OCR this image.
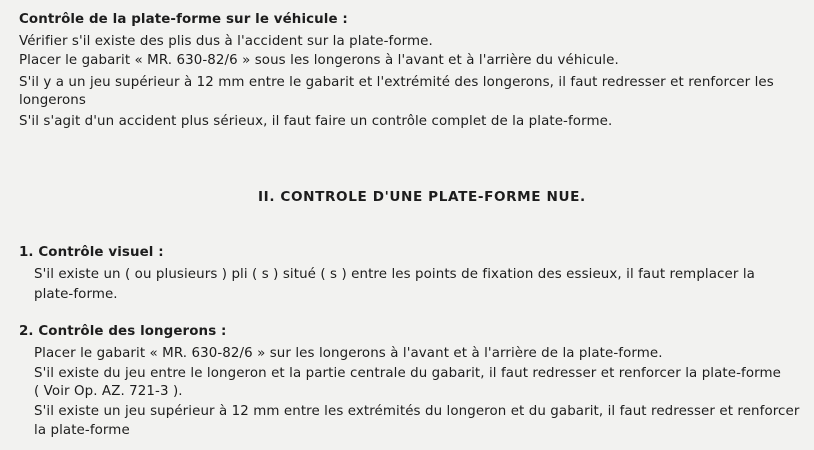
Contrôle de la plate-forme sur le véhicule :
Vérifier s'il existe des plis dus à l'accident sur la plate-forme.
Placer le gabarit « MR. 630-82/6 » sous les longerons à l'avant et à l'arrière du véhicule.
S'il y a un jeu supérieur à 12 mm entre le gabarit et l'extrémité des longerons, il faut redresser et renforcer les
longerons
S'il s'agit d'un accident plus sérieux, il faut faire un contrôle complet de la plate-forme.
II. CONTROLE D'UNE PLATE-FORME NUE.
1. Contrôle visuel :
S'il existe un ( ou plusieurs ) pli ( s ) situé ( s ) entre les points de fixation des essieux, il faut remplacer la
plate-forme.
2. Contrôle des longerons :
Placer le gabarit « MR. 630-82/6 » sur les longerons à l'avant et à l'arrière de la plate-forme.
S'il existe du jeu entre le longeron et la partie centrale du gabarit, il faut redresser et renforcer la plate-forme
( Voir Op. AZ. 721-3 ).
S'il existe un jeu supérieur à 12 mm entre les extrémités du longeron et du gabarit, il faut redresser et renforcer
la plate-forme
